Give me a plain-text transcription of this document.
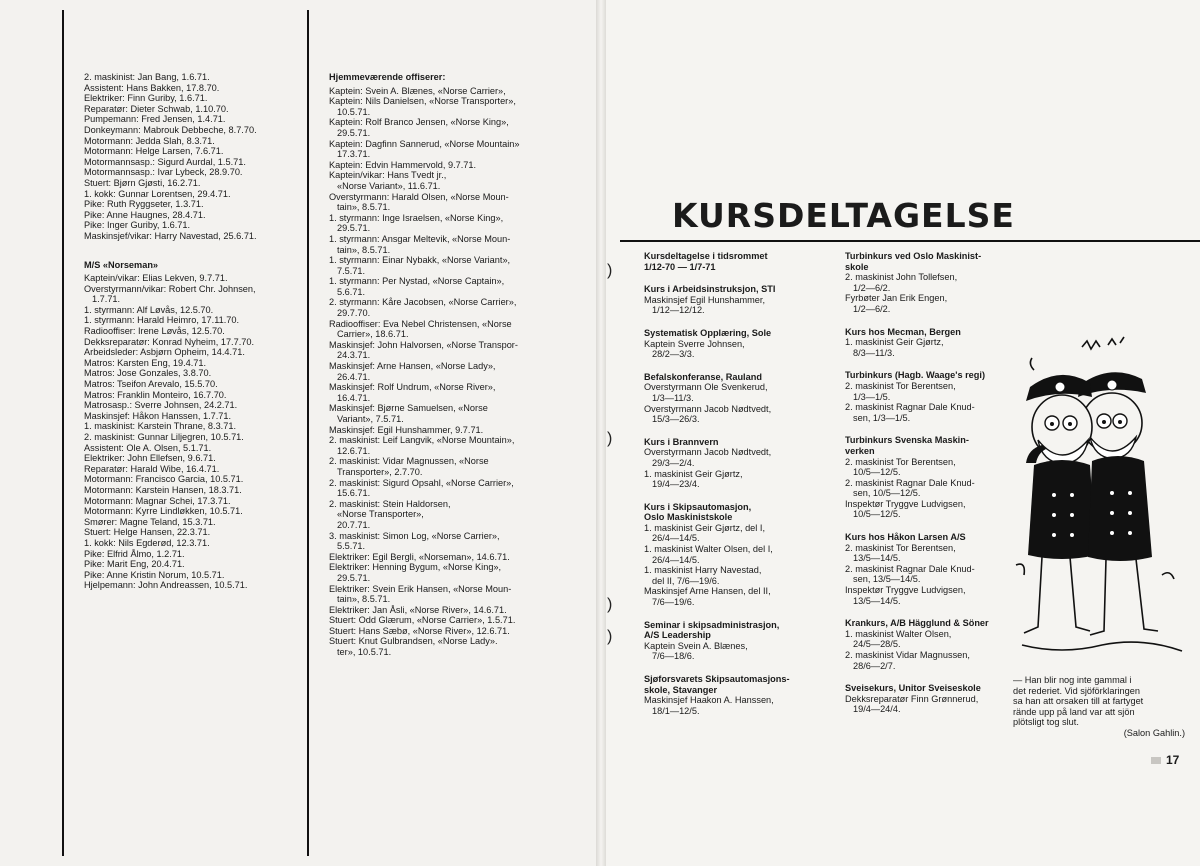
2. maskinist: Jan Bang, 1.6.71.
Assistent: Hans Bakken, 17.8.70.
Elektriker: Finn Guriby, 1.6.71.
Reparatør: Dieter Schwab, 1.10.70.
Pumpemann: Fred Jensen, 1.4.71.
Donkeymann: Mabrouk Debbeche, 8.7.70.
Motormann: Jedda Slah, 8.3.71.
Motormann: Helge Larsen, 7.6.71.
Motormannsasp.: Sigurd Aurdal, 1.5.71.
Motormannsasp.: Ivar Lybeck, 28.9.70.
Stuert: Bjørn Gjøsti, 16.2.71.
1. kokk: Gunnar Lorentsen, 29.4.71.
Pike: Ruth Ryggseter, 1.3.71.
Pike: Anne Haugnes, 28.4.71.
Pike: Inger Guriby, 1.6.71.
Maskinsjef/vikar: Harry Navestad, 25.6.71.
M/S «Norseman»
Kaptein/vikar: Elias Lekven, 9.7.71.
Overstyrmann/vikar: Robert Chr. Johnsen,
1.7.71.
1. styrmann: Alf Løvås, 12.5.70.
1. styrmann: Harald Heimro, 17.11.70.
Radiooffiser: Irene Løvås, 12.5.70.
Dekksreparatør: Konrad Nyheim, 17.7.70.
Arbeidsleder: Asbjørn Opheim, 14.4.71.
Matros: Karsten Eng, 19.4.71.
Matros: Jose Gonzales, 3.8.70.
Matros: Tseifon Arevalo, 15.5.70.
Matros: Franklin Monteiro, 16.7.70.
Matrosasp.: Sverre Johnsen, 24.2.71.
Maskinsjef: Håkon Hanssen, 1.7.71.
1. maskinist: Karstein Thrane, 8.3.71.
2. maskinist: Gunnar Liljegren, 10.5.71.
Assistent: Ole A. Olsen, 5.1.71.
Elektriker: John Ellefsen, 9.6.71.
Reparatør: Harald Wibe, 16.4.71.
Motormann: Francisco Garcia, 10.5.71.
Motormann: Karstein Hansen, 18.3.71.
Motormann: Magnar Schei, 17.3.71.
Motormann: Kyrre Lindløkken, 10.5.71.
Smører: Magne Teland, 15.3.71.
Stuert: Helge Hansen, 22.3.71.
1. kokk: Nils Egderød, 12.3.71.
Pike: Elfrid Ålmo, 1.2.71.
Pike: Marit Eng, 20.4.71.
Pike: Anne Kristin Norum, 10.5.71.
Hjelpemann: John Andreassen, 10.5.71.
Hjemmeværende offiserer:
Kaptein: Svein A. Blænes, «Norse Carrier»,
Kaptein: Nils Danielsen, «Norse Transporter»,
10.5.71.
Kaptein: Rolf Branco Jensen, «Norse King»,
29.5.71.
Kaptein: Dagfinn Sannerud, «Norse Mountain»
17.3.71.
Kaptein: Edvin Hammervold, 9.7.71.
Kaptein/vikar: Hans Tvedt jr.,
«Norse Variant», 11.6.71.
Overstyrmann: Harald Olsen, «Norse Moun-
tain», 8.5.71.
1. styrmann: Inge Israelsen, «Norse King»,
29.5.71.
1. styrmann: Ansgar Meltevik, «Norse Moun-
tain», 8.5.71.
1. styrmann: Einar Nybakk, «Norse Variant»,
7.5.71.
1. styrmann: Per Nystad, «Norse Captain»,
5.6.71.
2. styrmann: Kåre Jacobsen, «Norse Carrier»,
29.7.70.
Radiooffiser: Eva Nebel Christensen, «Norse
Carrier», 18.6.71.
Maskinsjef: John Halvorsen, «Norse Transpor-
24.3.71.
Maskinsjef: Arne Hansen, «Norse Lady»,
26.4.71.
Maskinsjef: Rolf Undrum, «Norse River»,
16.4.71.
Maskinsjef: Bjørne Samuelsen, «Norse
Variant», 7.5.71.
Maskinsjef: Egil Hunshammer, 9.7.71.
2. maskinist: Leif Langvik, «Norse Mountain»,
12.6.71.
2. maskinist: Vidar Magnussen, «Norse
Transporter», 2.7.70.
2. maskinist: Sigurd Opsahl, «Norse Carrier»,
15.6.71.
2. maskinist: Stein Haldorsen,
«Norse Transporter»,
20.7.71.
3. maskinist: Simon Log, «Norse Carrier»,
5.5.71.
Elektriker: Egil Bergli, «Norseman», 14.6.71.
Elektriker: Henning Bygum, «Norse King»,
29.5.71.
Elektriker: Svein Erik Hansen, «Norse Moun-
tain», 8.5.71.
Elektriker: Jan Åsli, «Norse River», 14.6.71.
Stuert: Odd Glærum, «Norse Carrier», 1.5.71.
Stuert: Hans Sæbø, «Norse River», 12.6.71.
Stuert: Knut Gulbrandsen, «Norse Lady».
ter», 10.5.71.
KURSDELTAGELSE
)
)
)
)
Kursdeltagelse i tidsrommet
1/12-70 — 1/7-71
Kurs i Arbeidsinstruksjon, STI
Maskinsjef Egil Hunshammer,
1/12—12/12.
Systematisk Opplæring, Sole
Kaptein Sverre Johnsen,
28/2—3/3.
Befalskonferanse, Rauland
Overstyrmann Ole Svenkerud,
1/3—11/3.
Overstyrmann Jacob Nødtvedt,
15/3—26/3.
Kurs i Brannvern
Overstyrmann Jacob Nødtvedt,
29/3—2/4.
1. maskinist Geir Gjørtz,
19/4—23/4.
Kurs i Skipsautomasjon,
Oslo Maskinistskole
1. maskinist Geir Gjørtz, del I,
26/4—14/5.
1. maskinist Walter Olsen, del I,
26/4—14/5.
1. maskinist Harry Navestad,
del II, 7/6—19/6.
Maskinsjef Arne Hansen, del II,
7/6—19/6.
Seminar i skipsadministrasjon,
A/S Leadership
Kaptein Svein A. Blænes,
7/6—18/6.
Sjøforsvarets Skipsautomasjons-
skole, Stavanger
Maskinsjef Haakon A. Hanssen,
18/1—12/5.
Turbinkurs ved Oslo Maskinist-
skole
2. maskinist John Tollefsen,
1/2—6/2.
Fyrbøter Jan Erik Engen,
1/2—6/2.
Kurs hos Mecman, Bergen
1. maskinist Geir Gjørtz,
8/3—11/3.
Turbinkurs (Hagb. Waage's regi)
2. maskinist Tor Berentsen,
1/3—1/5.
2. maskinist Ragnar Dale Knud-
sen, 1/3—1/5.
Turbinkurs Svenska Maskin-
verken
2. maskinist Tor Berentsen,
10/5—12/5.
2. maskinist Ragnar Dale Knud-
sen, 10/5—12/5.
Inspektør Tryggve Ludvigsen,
10/5—12/5.
Kurs hos Håkon Larsen A/S
2. maskinist Tor Berentsen,
13/5—14/5.
2. maskinist Ragnar Dale Knud-
sen, 13/5—14/5.
Inspektør Tryggve Ludvigsen,
13/5—14/5.
Krankurs, A/B Hägglund & Söner
1. maskinist Walter Olsen,
24/5—28/5.
2. maskinist Vidar Magnussen,
28/6—2/7.
Sveisekurs, Unitor Sveiseskole
Dekksreparatør Finn Grønnerud,
19/4—24/4.
— Han blir nog inte gammal i
det rederiet. Vid sjöförklaringen
sa han att orsaken till at fartyget
rände upp på land var att sjön
plötsligt tog slut.
(Salon Gahlin.)
17
